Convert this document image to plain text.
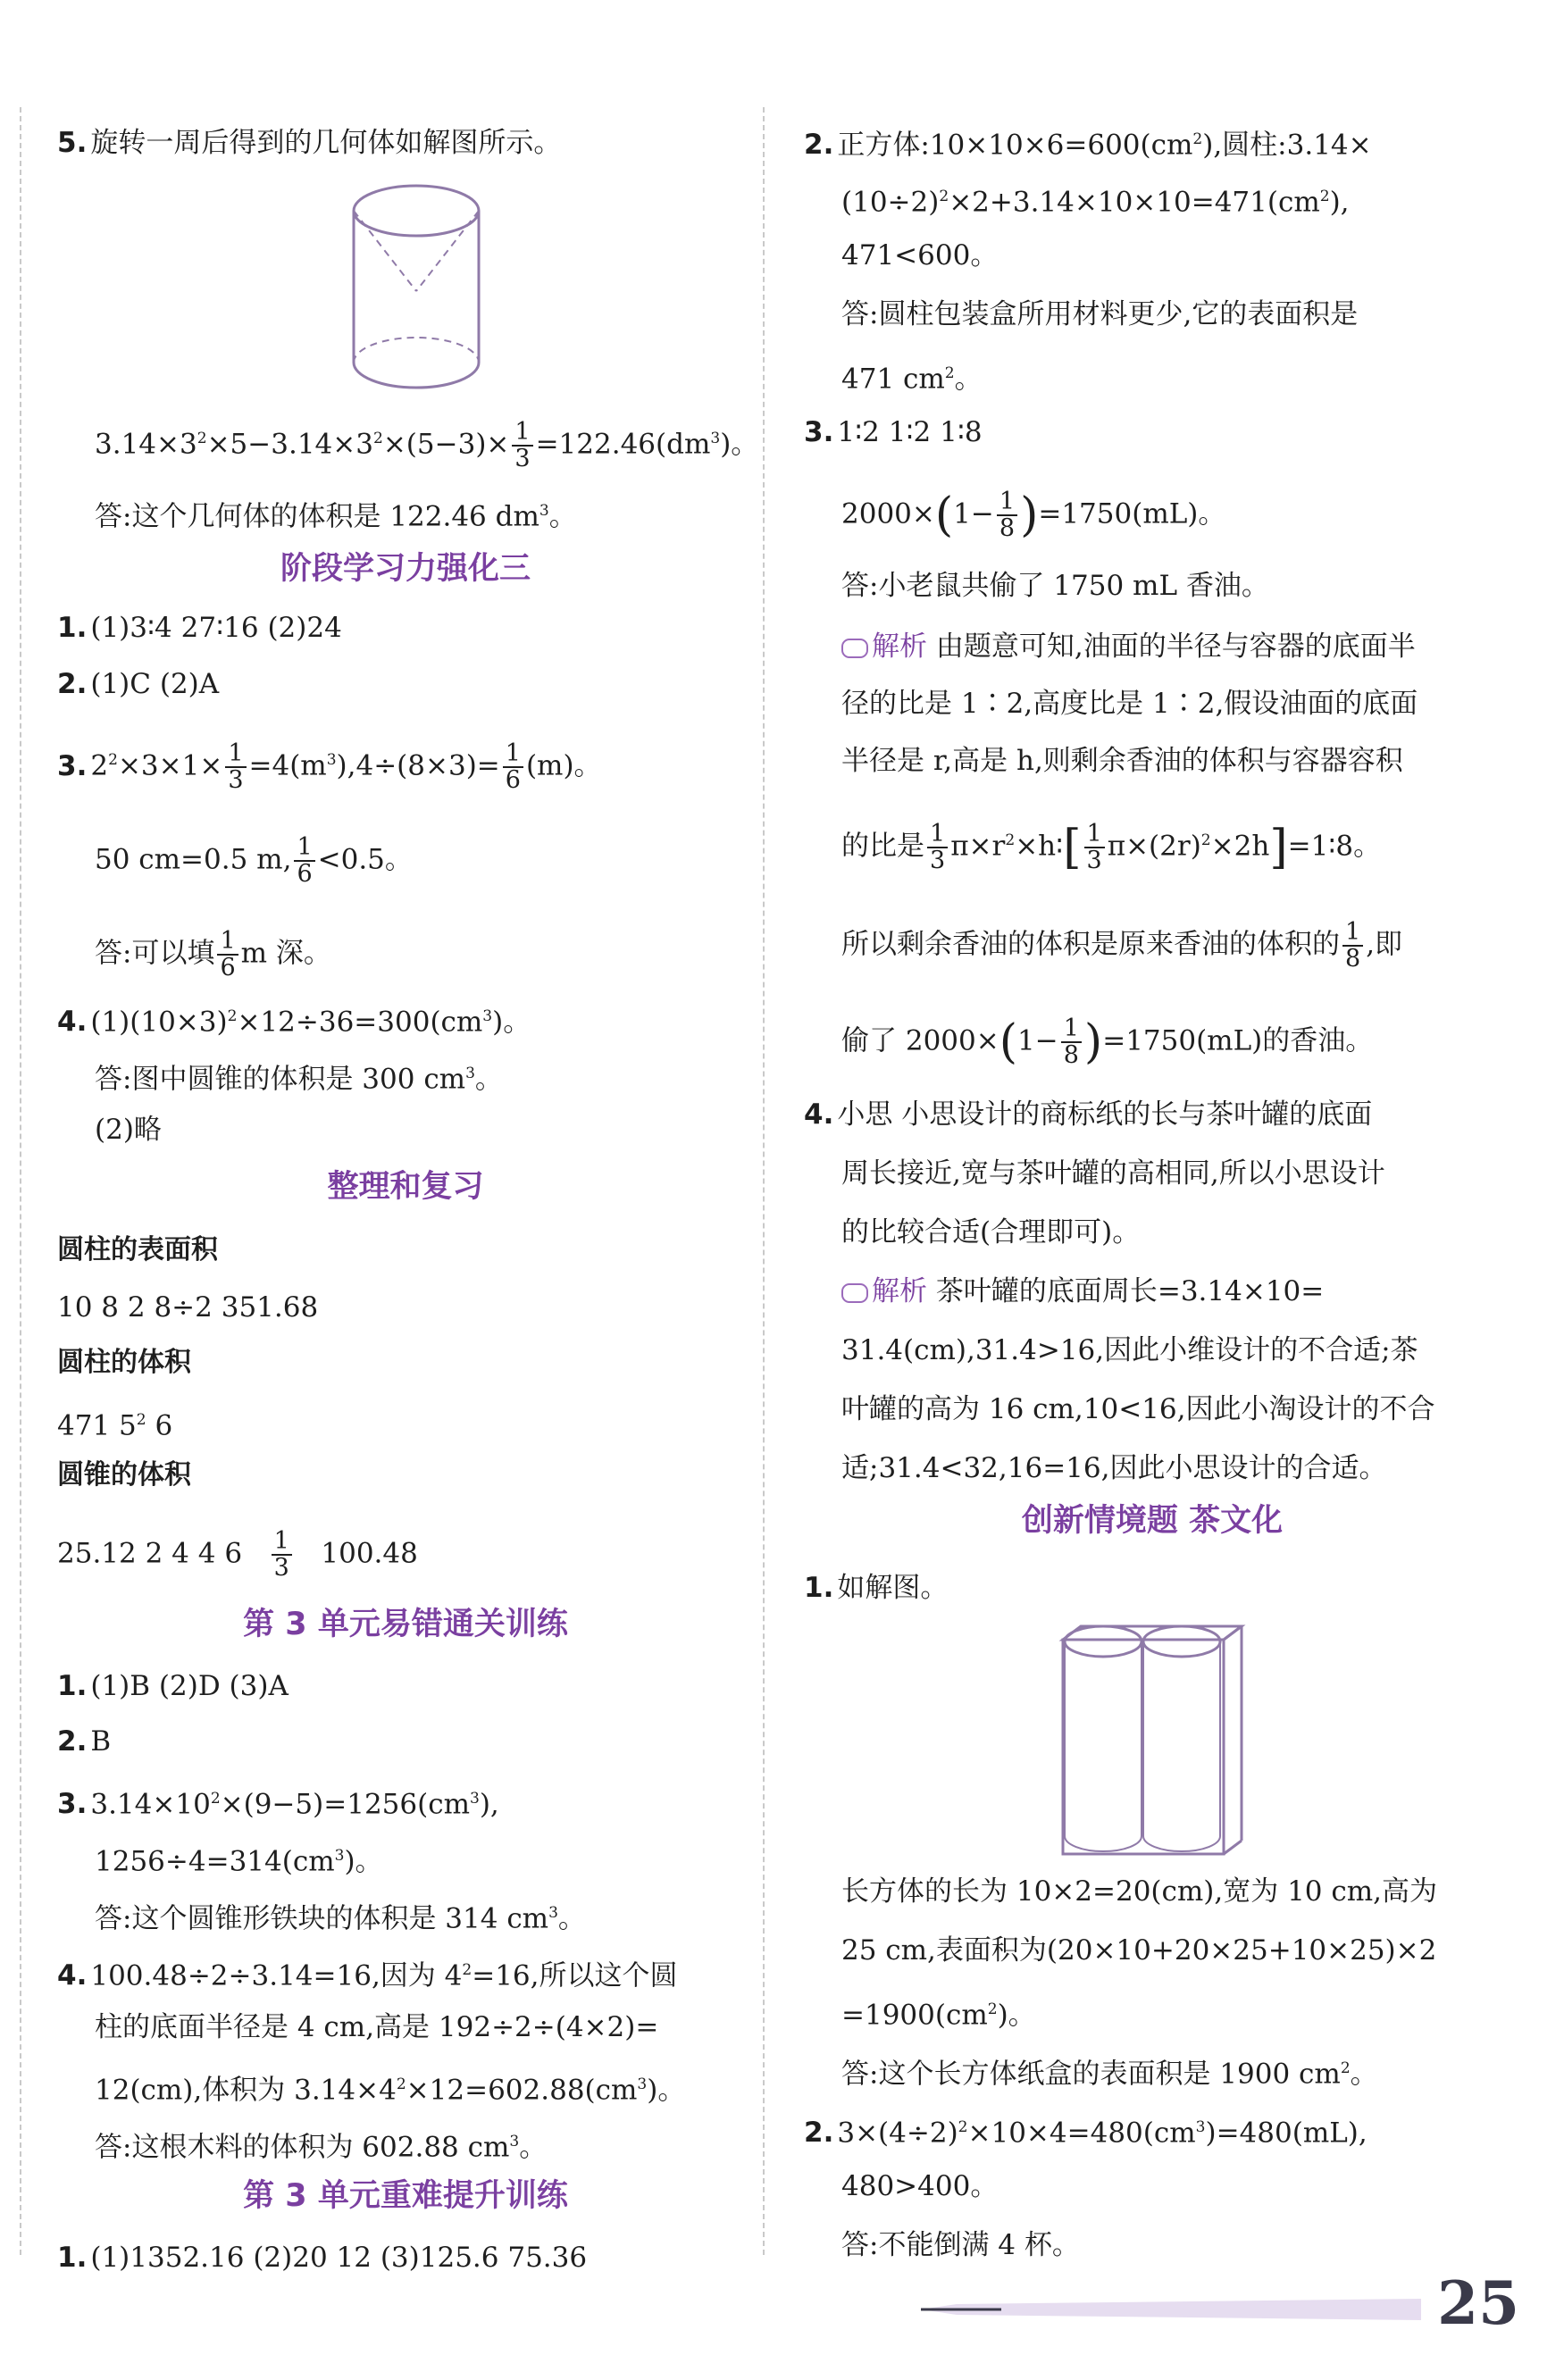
5. 旋转一周后得到的几何体如解图所示。
$3.14\times 3^2\times 5-3.14\times 3^2\times(5-3)\times \frac{1}{3} =122.46(dm^3)$。
答:这个几何体的体积是 122.46 $dm^3$。
阶段学习力强化三
1. (1)3∶4 27∶16 (2)24
2. (1)C (2)A
3. $2^2\times 3\times 1\times \frac{1}{3} =4(m^3),4\div(8\times 3)= \frac{1}{6} (m)$。
50 cm=0.5 m, $\frac{1}{6} <0.5$。
答:可以填 $\frac{1}{6}$ m 深。
4. $(1)(10\times 3)^2\times 12\div 36=300(cm^3)$。
答:图中圆锥的体积是 300 $cm^3$。
(2)略
整理和复习
圆柱的表面积
10 8 2 8÷2 351.68
圆柱的体积
471 $5^2$ 6
圆锥的体积
25.12 2 4 4 $6 \frac{1}{3} 100.48$
第 3 单元易错通关训练
1. (1)B (2)D (3)A
2. B
3. $3.14\times 10^2\times(9-5)=1256(cm^3)$,
$1256\div 4=314(cm^3)$。
答:这个圆锥形铁块的体积是 314 $cm^3$。
4. 100.48÷2÷3.14=16,因为 $4^2=16$,所以这个圆
柱的底面半径是 4 cm,高是 192÷2÷(4×2)=
12(cm),体积为 $3.14\times 4^2\times 12=602.88(cm^3)$。
答:这根木料的体积为 602.88 $cm^3$。
第 3 单元重难提升训练
1. (1)1352.16 (2)20 12 (3)125.6 75.36
2. 正方体$:10\times 10\times 6=600(cm^2)$,圆柱:3.14×
$(10\div 2)^2\times 2+3.14\times 10\times 10=471(cm^2)$,
471<600。
答:圆柱包装盒所用材料更少,它的表面积是
471 $cm^2$。
3. 1∶2 1∶2 1∶8
$2000\times(1- \frac{1}{8} )=1750(mL)$。
答:小老鼠共偷了 1750 mL 香油。
解析 由题意可知,油面的半径与容器的底面半
径的比是 1∶2,高度比是 1∶2,假设油面的底面
半径是 r,高是 h,则剩余香油的体积与容器容积
的比是 $\frac{1}{3}$ $\pi\times r^2\times h∶[ \frac{1}{3}$ $\pi\times(2r)^2\times 2h]=1∶8$。
所以剩余香油的体积是原来香油的体积的 $\frac{1}{8}$ ,即
偷了 $2000\times(1- \frac{1}{8} )=1750(mL)$的香油。
4. 小思 小思设计的商标纸的长与茶叶罐的底面
周长接近,宽与茶叶罐的高相同,所以小思设计
的比较合适(合理即可)。
解析 茶叶罐的底面周长=3.14×10=
31.4(cm),31.4>16,因此小维设计的不合适;茶
叶罐的高为 16 cm,10<16,因此小淘设计的不合
适;31.4<32,16=16,因此小思设计的合适。
创新情境题 茶文化
1. 如解图。
长方体的长为 10×2=20(cm),宽为 10 cm,高为
25 cm,表面积为(20×10+20×25+10×25)×2
$=1900(cm^2)$。
答:这个长方体纸盒的表面积是 1900 $cm^2$。
2. $3\times(4\div 2)^2\times 10\times 4=480(cm^3)=480(mL)$,
480>400。
答:不能倒满 4 杯。
25
